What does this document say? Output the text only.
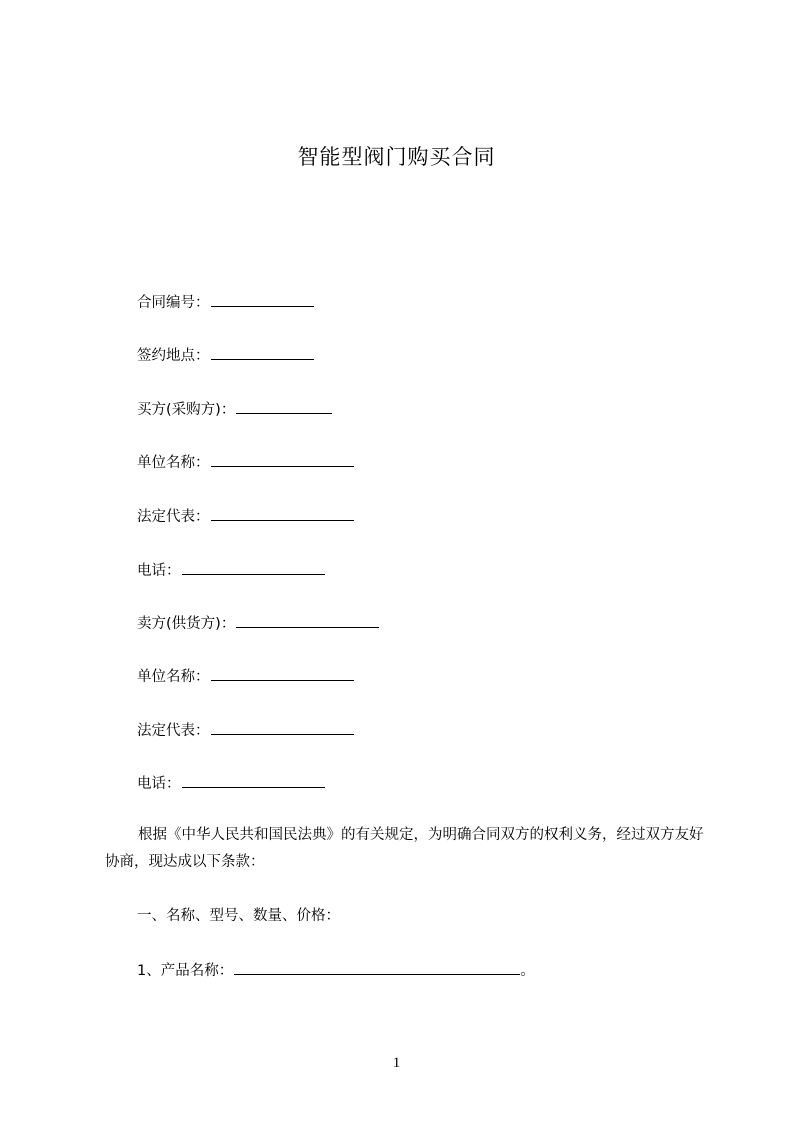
智能型阀门购买合同
合同编号：
签约地点：
买方(采购方)：
单位名称：
法定代表：
电话：
卖方(供货方)：
单位名称：
法定代表：
电话：
根据《中华人民共和国民法典》的有关规定，为明确合同双方的权利义务，经过双方友好协商，现达成以下条款：
一、名称、型号、数量、价格：
1、产品名称：	。
1
